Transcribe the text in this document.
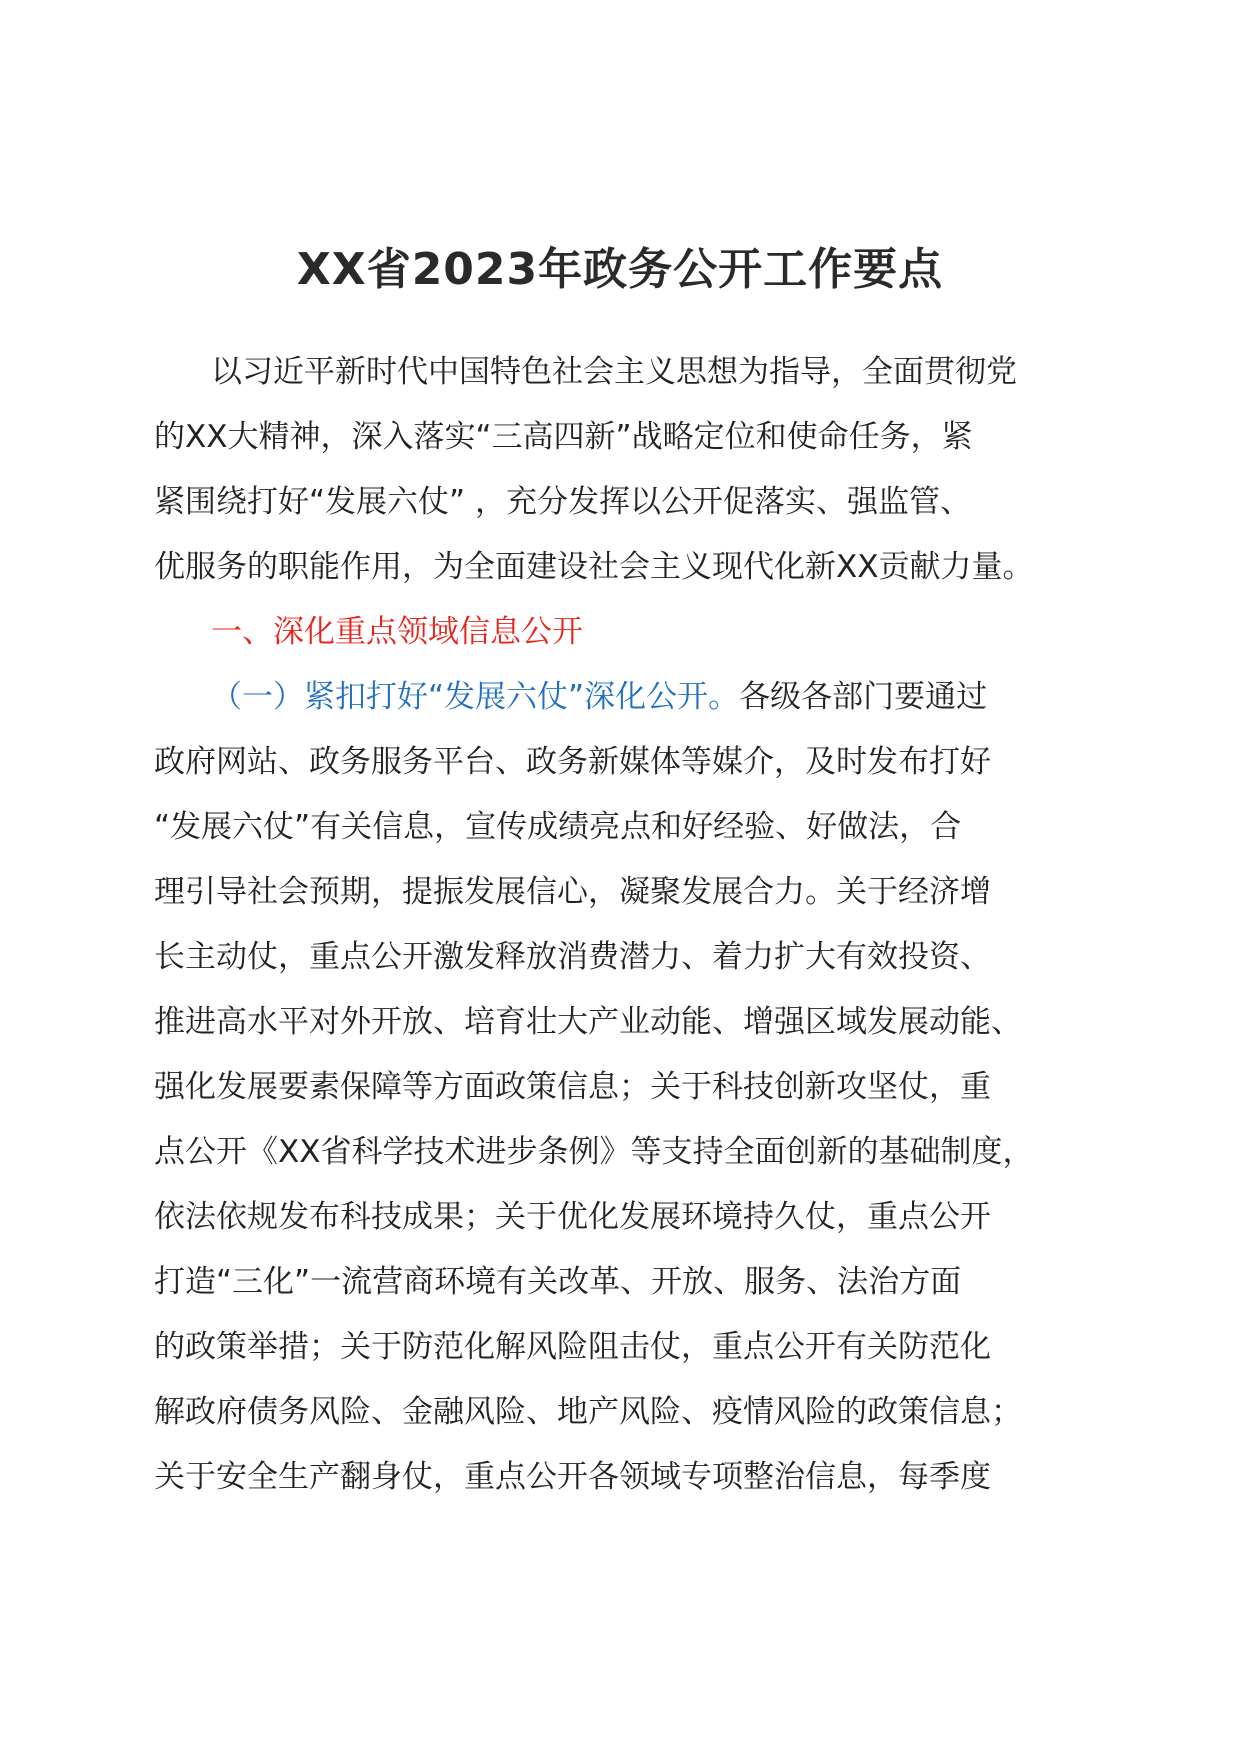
XX省2023年政务公开工作要点
以习近平新时代中国特色社会主义思想为指导，全面贯彻党
的XX大精神，深入落实“三高四新”战略定位和使命任务，紧
紧围绕打好“发展六仗” ，充分发挥以公开促落实、强监管、
优服务的职能作用，为全面建设社会主义现代化新XX贡献力量。
一、深化重点领域信息公开
（一）紧扣打好“发展六仗”深化公开。各级各部门要通过
政府网站、政务服务平台、政务新媒体等媒介，及时发布打好
“发展六仗”有关信息，宣传成绩亮点和好经验、好做法，合
理引导社会预期，提振发展信心，凝聚发展合力。关于经济增
长主动仗，重点公开激发释放消费潜力、着力扩大有效投资、
推进高水平对外开放、培育壮大产业动能、增强区域发展动能、
强化发展要素保障等方面政策信息；关于科技创新攻坚仗，重
点公开《XX省科学技术进步条例》等支持全面创新的基础制度，
依法依规发布科技成果；关于优化发展环境持久仗，重点公开
打造“三化”一流营商环境有关改革、开放、服务、法治方面
的政策举措；关于防范化解风险阻击仗，重点公开有关防范化
解政府债务风险、金融风险、地产风险、疫情风险的政策信息；
关于安全生产翻身仗，重点公开各领域专项整治信息，每季度
